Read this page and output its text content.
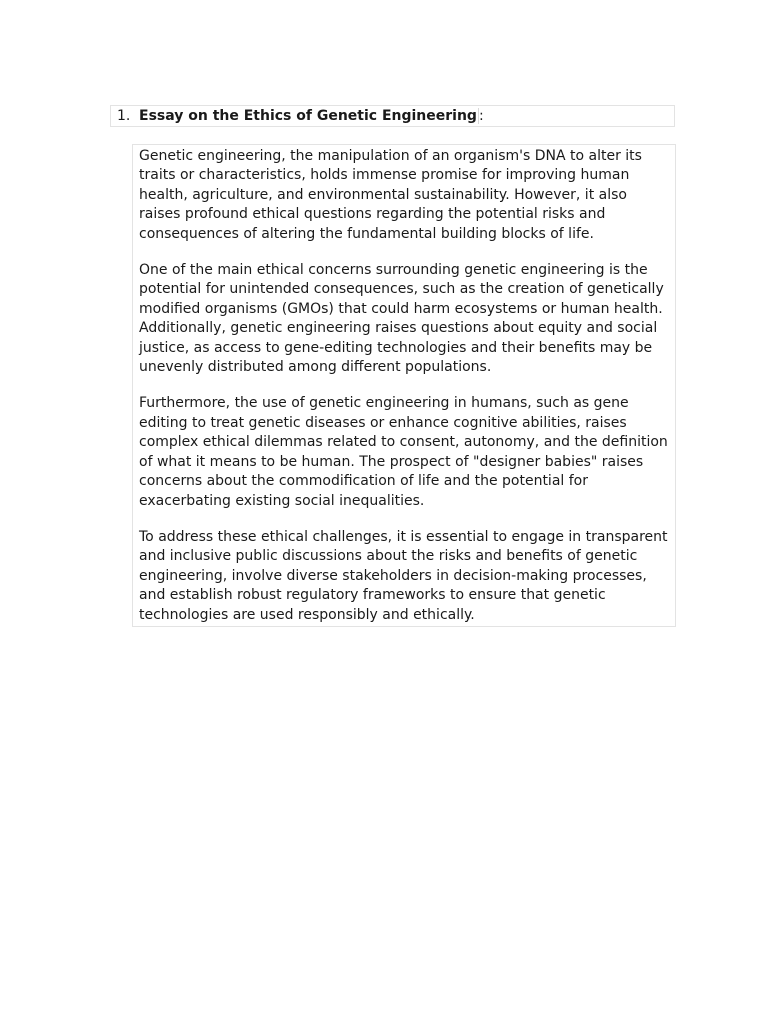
1. Essay on the Ethics of Genetic Engineering :

Genetic engineering, the manipulation of an organism's DNA to alter its traits or characteristics, holds immense promise for improving human health, agriculture, and environmental sustainability. However, it also raises profound ethical questions regarding the potential risks and consequences of altering the fundamental building blocks of life.

One of the main ethical concerns surrounding genetic engineering is the potential for unintended consequences, such as the creation of genetically modified organisms (GMOs) that could harm ecosystems or human health. Additionally, genetic engineering raises questions about equity and social justice, as access to gene-editing technologies and their benefits may be unevenly distributed among different populations.

Furthermore, the use of genetic engineering in humans, such as gene editing to treat genetic diseases or enhance cognitive abilities, raises complex ethical dilemmas related to consent, autonomy, and the definition of what it means to be human. The prospect of "designer babies" raises concerns about the commodification of life and the potential for exacerbating existing social inequalities.

To address these ethical challenges, it is essential to engage in transparent and inclusive public discussions about the risks and benefits of genetic engineering, involve diverse stakeholders in decision-making processes, and establish robust regulatory frameworks to ensure that genetic technologies are used responsibly and ethically.
